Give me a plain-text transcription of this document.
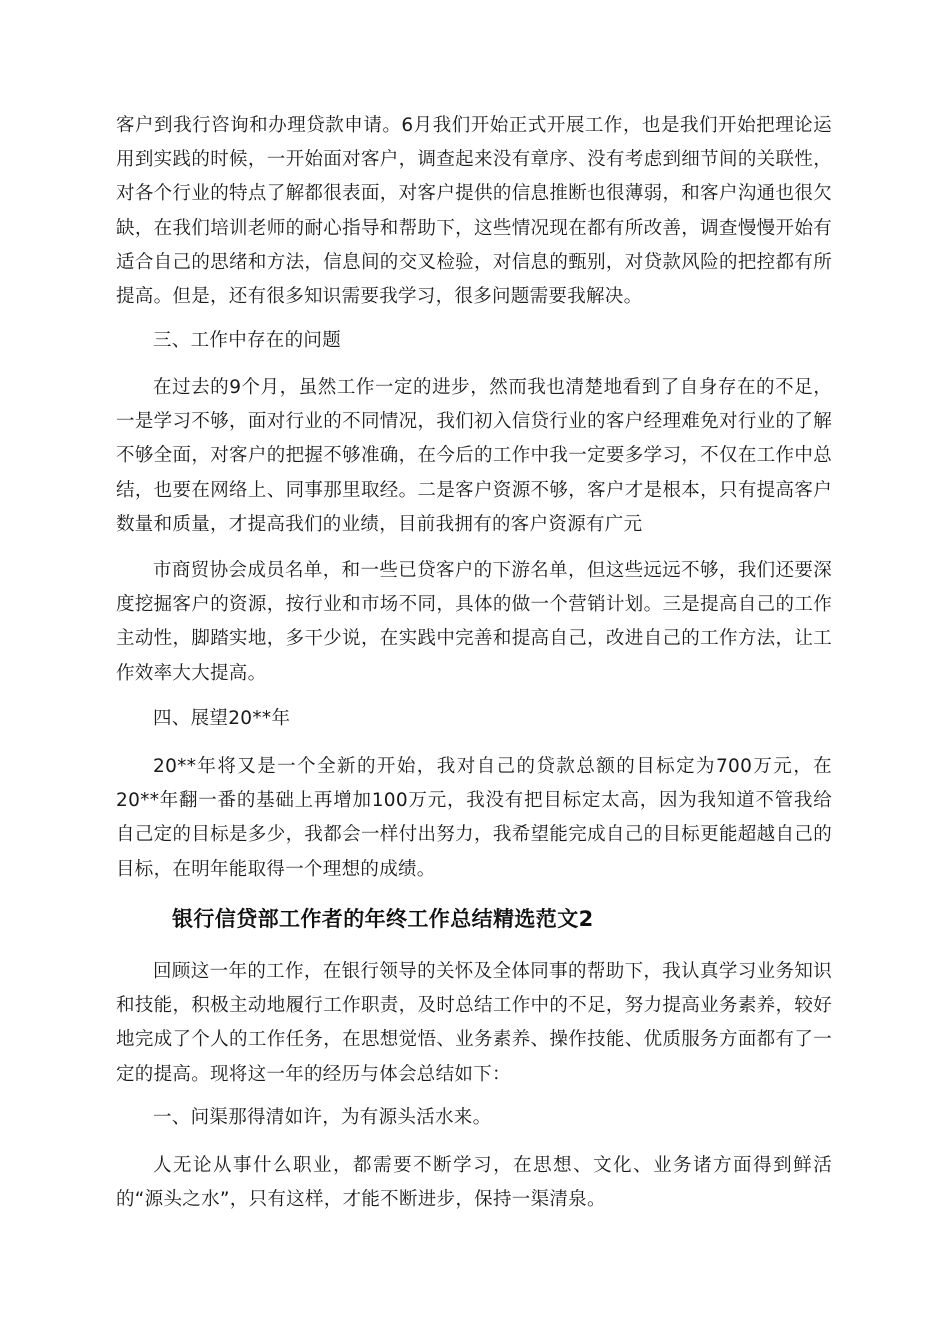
客户到我行咨询和办理贷款申请。6月我们开始正式开展工作，也是我们开始把理论运用到实践的时候，一开始面对客户，调查起来没有章序、没有考虑到细节间的关联性，对各个行业的特点了解都很表面，对客户提供的信息推断也很薄弱，和客户沟通也很欠缺，在我们培训老师的耐心指导和帮助下，这些情况现在都有所改善，调查慢慢开始有适合自己的思绪和方法，信息间的交叉检验，对信息的甄别，对贷款风险的把控都有所提高。但是，还有很多知识需要我学习，很多问题需要我解决。

三、工作中存在的问题

在过去的9个月，虽然工作一定的进步，然而我也清楚地看到了自身存在的不足，一是学习不够，面对行业的不同情况，我们初入信贷行业的客户经理难免对行业的了解不够全面，对客户的把握不够准确，在今后的工作中我一定要多学习，不仅在工作中总结，也要在网络上、同事那里取经。二是客户资源不够，客户才是根本，只有提高客户数量和质量，才提高我们的业绩，目前我拥有的客户资源有广元

市商贸协会成员名单，和一些已贷客户的下游名单，但这些远远不够，我们还要深度挖掘客户的资源，按行业和市场不同，具体的做一个营销计划。三是提高自己的工作主动性，脚踏实地，多干少说，在实践中完善和提高自己，改进自己的工作方法，让工作效率大大提高。

四、展望20**年

20**年将又是一个全新的开始，我对自己的贷款总额的目标定为700万元，在20**年翻一番的基础上再增加100万元，我没有把目标定太高，因为我知道不管我给自己定的目标是多少，我都会一样付出努力，我希望能完成自己的目标更能超越自己的目标，在明年能取得一个理想的成绩。

银行信贷部工作者的年终工作总结精选范文2

回顾这一年的工作，在银行领导的关怀及全体同事的帮助下，我认真学习业务知识和技能，积极主动地履行工作职责，及时总结工作中的不足，努力提高业务素养，较好地完成了个人的工作任务，在思想觉悟、业务素养、操作技能、优质服务方面都有了一定的提高。现将这一年的经历与体会总结如下：

一、问渠那得清如许，为有源头活水来。

人无论从事什么职业，都需要不断学习，在思想、文化、业务诸方面得到鲜活的“源头之水”，只有这样，才能不断进步，保持一渠清泉。
